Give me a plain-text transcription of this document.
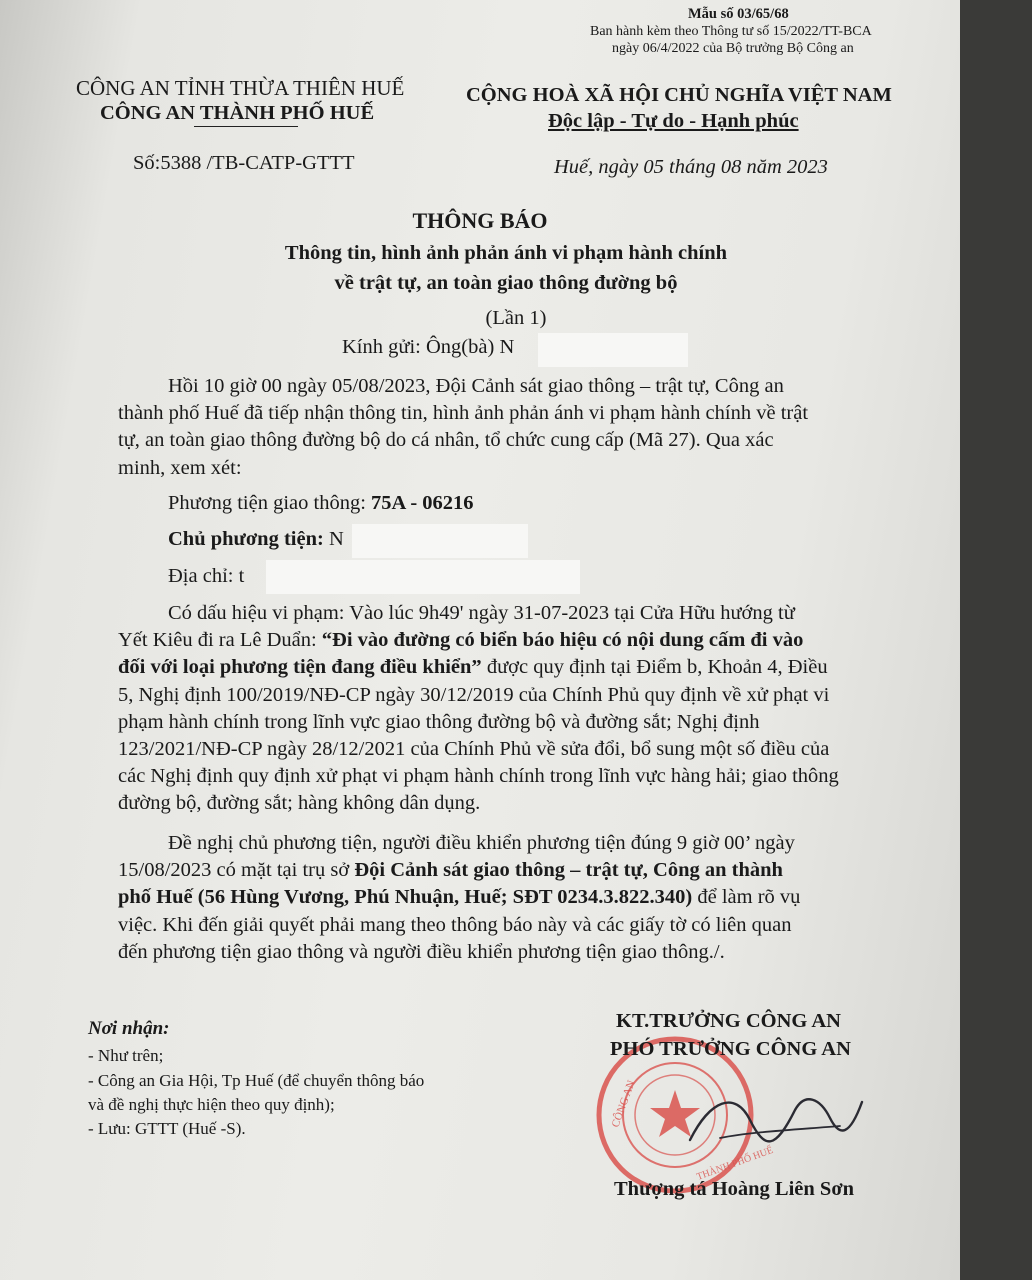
Mẫu số 03/65/68
Ban hành kèm theo Thông tư số 15/2022/TT-BCA
ngày 06/4/2022 của Bộ trưởng Bộ Công an
CÔNG AN TỈNH THỪA THIÊN HUẾ
CÔNG AN THÀNH PHỐ HUẾ
Số:5388 /TB-CATP-GTTT
CỘNG HOÀ XÃ HỘI CHỦ NGHĨA VIỆT NAM
Độc lập - Tự do - Hạnh phúc
Huế, ngày 05 tháng 08 năm 2023
THÔNG BÁO
Thông tin, hình ảnh phản ánh vi phạm hành chính
về trật tự, an toàn giao thông đường bộ
(Lần 1)
Kính gửi: Ông(bà) N
Hồi 10 giờ 00 ngày 05/08/2023, Đội Cảnh sát giao thông – trật tự, Công an
thành phố Huế đã tiếp nhận thông tin, hình ảnh phản ánh vi phạm hành chính về trật
tự, an toàn giao thông đường bộ do cá nhân, tổ chức cung cấp (Mã 27). Qua xác
minh, xem xét:
Phương tiện giao thông: 75A - 06216
Chủ phương tiện: N
Địa chỉ: t
Có dấu hiệu vi phạm: Vào lúc 9h49' ngày 31-07-2023 tại Cửa Hữu hướng từ
Yết Kiêu đi ra Lê Duẩn: “Đi vào đường có biển báo hiệu có nội dung cấm đi vào
đối với loại phương tiện đang điều khiển” được quy định tại Điểm b, Khoản 4, Điều
5, Nghị định 100/2019/NĐ-CP ngày 30/12/2019 của Chính Phủ quy định về xử phạt vi
phạm hành chính trong lĩnh vực giao thông đường bộ và đường sắt; Nghị định
123/2021/NĐ-CP ngày 28/12/2021 của Chính Phủ về sửa đổi, bổ sung một số điều của
các Nghị định quy định xử phạt vi phạm hành chính trong lĩnh vực hàng hải; giao thông
đường bộ, đường sắt; hàng không dân dụng.
Đề nghị chủ phương tiện, người điều khiển phương tiện đúng 9 giờ 00’ ngày
15/08/2023 có mặt tại trụ sở Đội Cảnh sát giao thông – trật tự, Công an thành
phố Huế (56 Hùng Vương, Phú Nhuận, Huế; SĐT 0234.3.822.340) để làm rõ vụ
việc. Khi đến giải quyết phải mang theo thông báo này và các giấy tờ có liên quan
đến phương tiện giao thông và người điều khiển phương tiện giao thông./.
Nơi nhận:
- Như trên;
- Công an Gia Hội, Tp Huế (để chuyển thông báo
và đề nghị thực hiện theo quy định);
- Lưu: GTTT (Huế -S).	CÔNG AN
THÀNH PHỐ HUẾ
KT.TRƯỞNG CÔNG AN
PHÓ TRƯỞNG CÔNG AN
Thượng tá Hoàng Liên Sơn
